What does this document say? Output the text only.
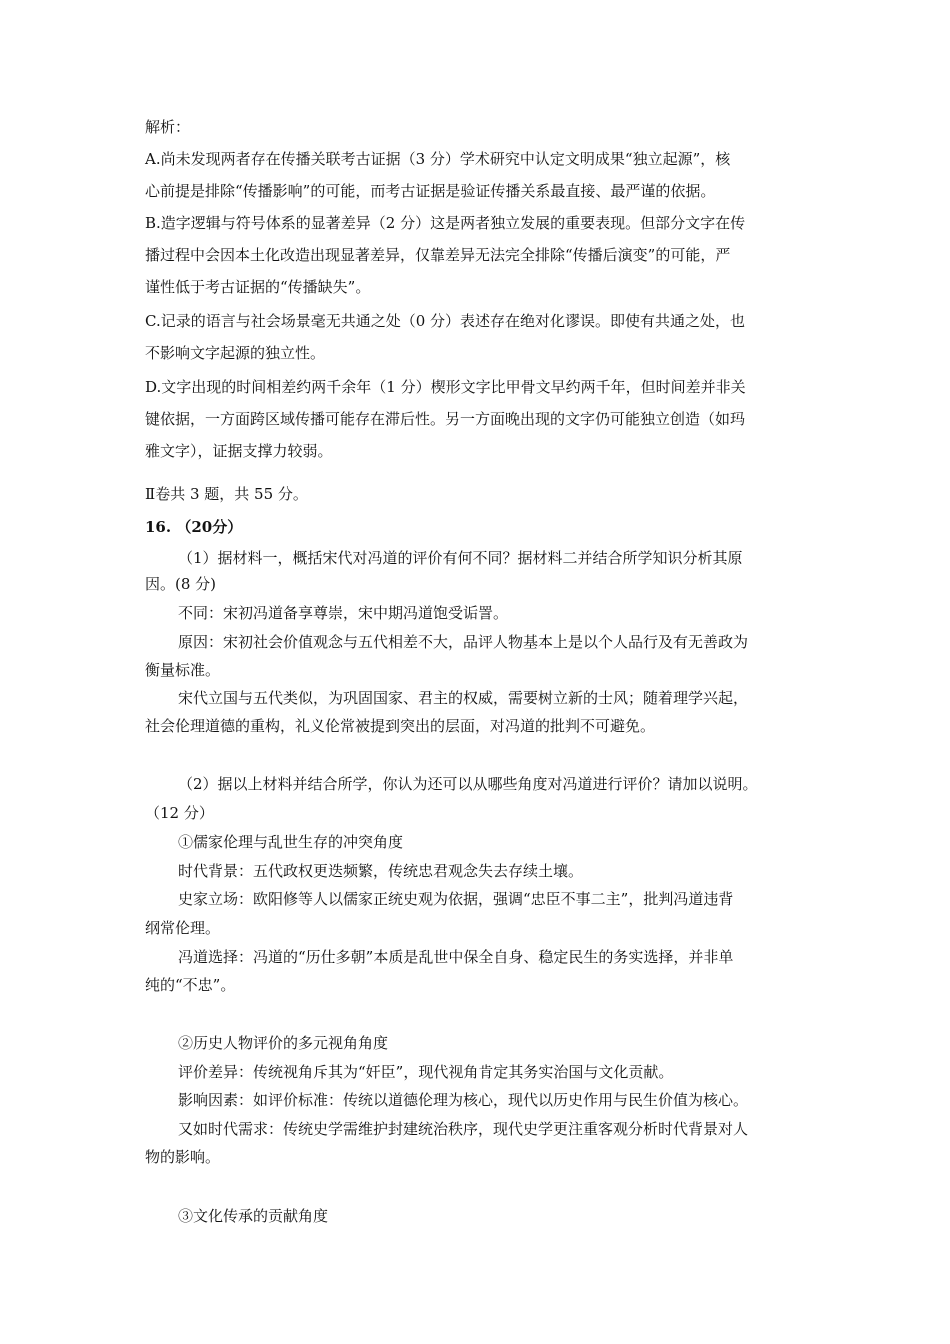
解析：
A.尚未发现两者存在传播关联考古证据（3 分）学术研究中认定文明成果“独立起源”，核
心前提是排除“传播影响”的可能，而考古证据是验证传播关系最直接、最严谨的依据。
B.造字逻辑与符号体系的显著差异（2 分）这是两者独立发展的重要表现。但部分文字在传
播过程中会因本土化改造出现显著差异，仅靠差异无法完全排除“传播后演变”的可能，严
谨性低于考古证据的“传播缺失”。
C.记录的语言与社会场景毫无共通之处（0 分）表述存在绝对化谬误。即使有共通之处，也
不影响文字起源的独立性。
D.文字出现的时间相差约两千余年（1 分）楔形文字比甲骨文早约两千年，但时间差并非关
键依据，一方面跨区域传播可能存在滞后性。另一方面晚出现的文字仍可能独立创造（如玛
雅文字），证据支撑力较弱。
Ⅱ卷共 3 题，共 55 分。
16. （20分）
（1）据材料一，概括宋代对冯道的评价有何不同？据材料二并结合所学知识分析其原
因。(8 分)
不同：宋初冯道备享尊崇，宋中期冯道饱受诟詈。
原因：宋初社会价值观念与五代相差不大，品评人物基本上是以个人品行及有无善政为
衡量标准。
宋代立国与五代类似，为巩固国家、君主的权威，需要树立新的士风；随着理学兴起，
社会伦理道德的重构，礼义伦常被提到突出的层面，对冯道的批判不可避免。
（2）据以上材料并结合所学，你认为还可以从哪些角度对冯道进行评价？请加以说明。
（12 分）
①儒家伦理与乱世生存的冲突角度
时代背景：五代政权更迭频繁，传统忠君观念失去存续土壤。
史家立场：欧阳修等人以儒家正统史观为依据，强调“忠臣不事二主”，批判冯道违背
纲常伦理。
冯道选择：冯道的“历仕多朝”本质是乱世中保全自身、稳定民生的务实选择，并非单
纯的“不忠”。
②历史人物评价的多元视角角度
评价差异：传统视角斥其为“奸臣”，现代视角肯定其务实治国与文化贡献。
影响因素：如评价标准：传统以道德伦理为核心，现代以历史作用与民生价值为核心。
又如时代需求：传统史学需维护封建统治秩序，现代史学更注重客观分析时代背景对人
物的影响。
③文化传承的贡献角度
